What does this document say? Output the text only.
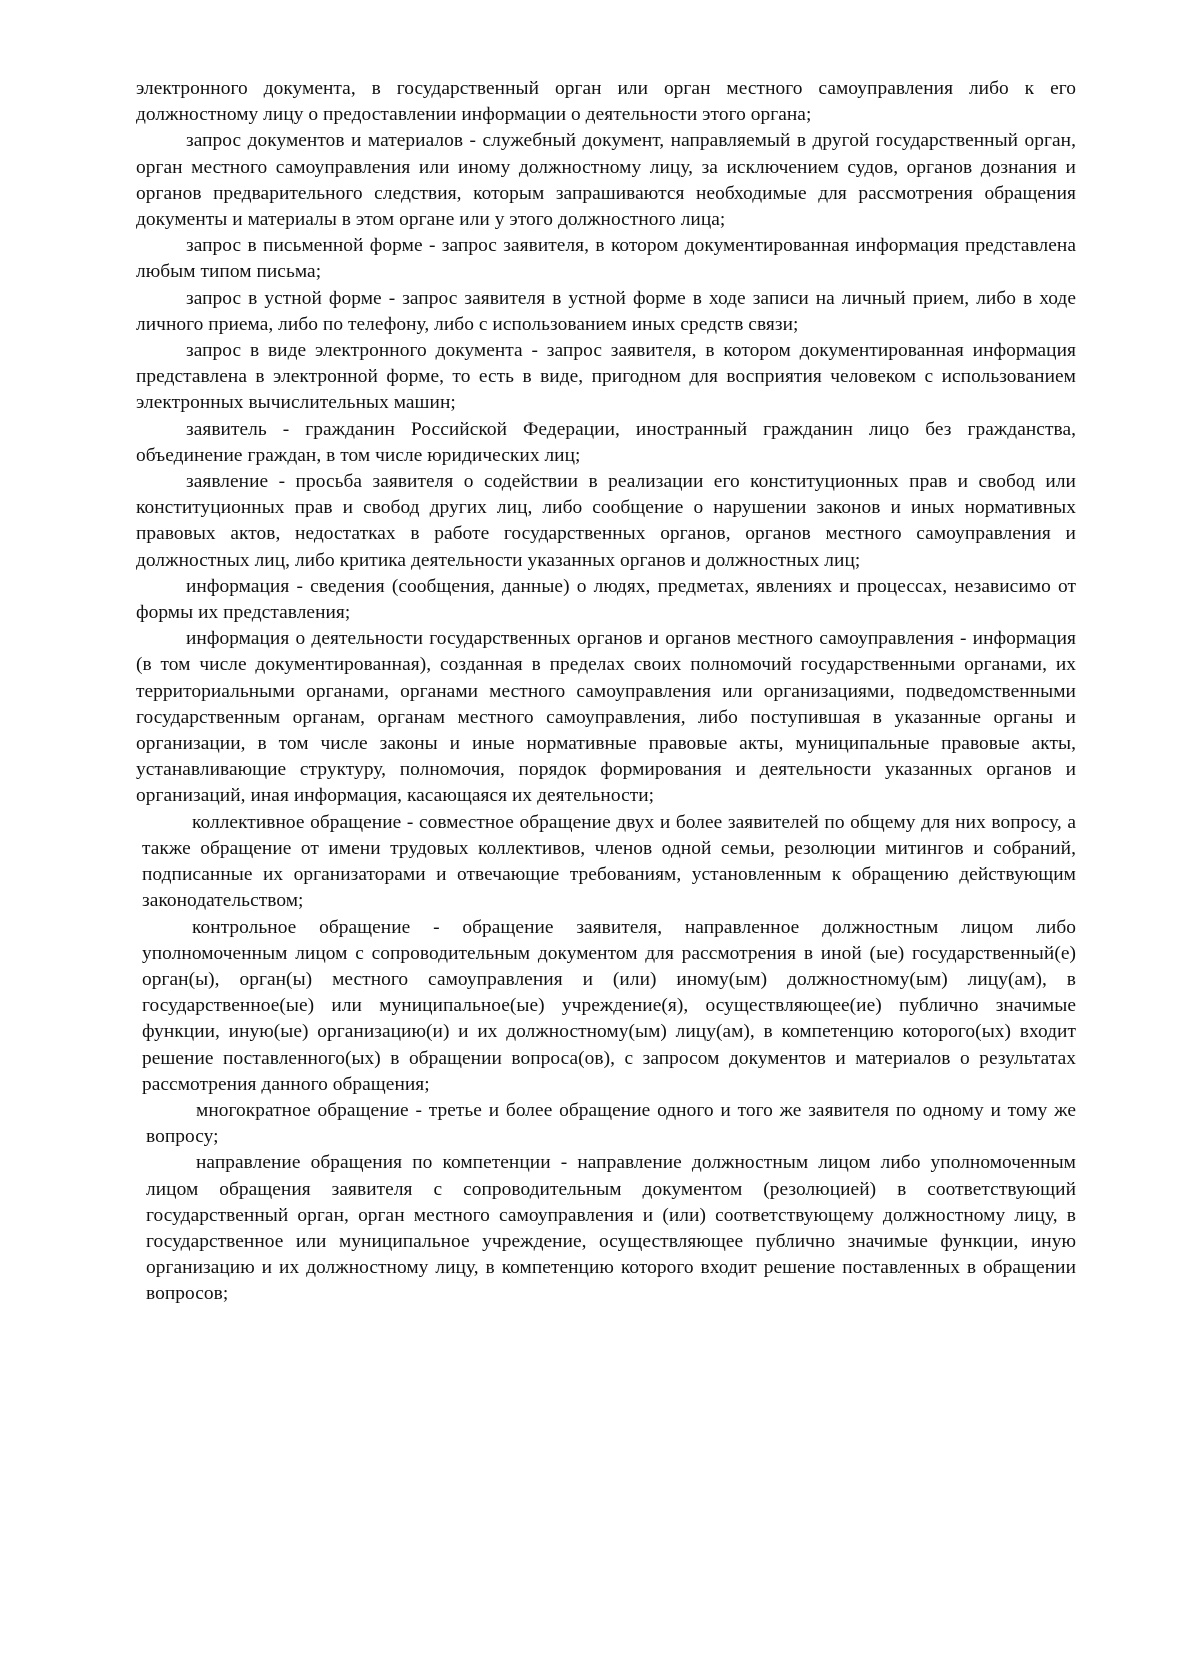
электронного документа, в государственный орган или орган местного самоуправления либо к его должностному лицу о предоставлении информации о деятельности этого органа;

запрос документов и материалов - служебный документ, направляемый в другой государственный орган, орган местного самоуправления или иному должностному лицу, за исключением судов, органов дознания и органов предварительного следствия, которым запрашиваются необходимые для рассмотрения обращения документы и материалы в этом органе или у этого должностного лица;

запрос в письменной форме - запрос заявителя, в котором документированная информация представлена любым типом письма;

запрос в устной форме - запрос заявителя в устной форме в ходе записи на личный прием, либо в ходе личного приема, либо по телефону, либо с использованием иных средств связи;

запрос в виде электронного документа - запрос заявителя, в котором документированная информация представлена в электронной форме, то есть в виде, пригодном для восприятия человеком с использованием электронных вычислительных машин;

заявитель - гражданин Российской Федерации, иностранный гражданин лицо без гражданства, объединение граждан, в том числе юридических лиц;

заявление - просьба заявителя о содействии в реализации его конституционных прав и свобод или конституционных прав и свобод других лиц, либо сообщение о нарушении законов и иных нормативных правовых актов, недостатках в работе государственных органов, органов местного самоуправления и должностных лиц, либо критика деятельности указанных органов и должностных лиц;

информация - сведения (сообщения, данные) о людях, предметах, явлениях и процессах, независимо от формы их представления;

информация о деятельности государственных органов и органов местного самоуправления - информация (в том числе документированная), созданная в пределах своих полномочий государственными органами, их территориальными органами, органами местного самоуправления или организациями, подведомственными государственным органам, органам местного самоуправления, либо поступившая в указанные органы и организации, в том числе законы и иные нормативные правовые акты, муниципальные правовые акты, устанавливающие структуру, полномочия, порядок формирования и деятельности указанных органов и организаций, иная информация, касающаяся их деятельности;

коллективное обращение - совместное обращение двух и более заявителей по общему для них вопросу, а также обращение от имени трудовых коллективов, членов одной семьи, резолюции митингов и собраний, подписанные их организаторами и отвечающие требованиям, установленным к обращению действующим законодательством;

контрольное обращение - обращение заявителя, направленное должностным лицом либо уполномоченным лицом с сопроводительным документом для рассмотрения в иной (ые) государственный(е) орган(ы), орган(ы) местного самоуправления и (или) иному(ым) должностному(ым) лицу(ам), в государственное(ые) или муниципальное(ые) учреждение(я), осуществляющее(ие) публично значимые функции, иную(ые) организацию(и) и их должностному(ым) лицу(ам), в компетенцию которого(ых) входит решение поставленного(ых) в обращении вопроса(ов), с запросом документов и материалов о результатах рассмотрения данного обращения;

многократное обращение - третье и более обращение одного и того же заявителя по одному и тому же вопросу;

направление обращения по компетенции - направление должностным лицом либо уполномоченным лицом обращения заявителя с сопроводительным документом (резолюцией) в соответствующий государственный орган, орган местного самоуправления и (или) соответствующему должностному лицу, в государственное или муниципальное учреждение, осуществляющее публично значимые функции, иную организацию и их должностному лицу, в компетенцию которого входит решение поставленных в обращении вопросов;
